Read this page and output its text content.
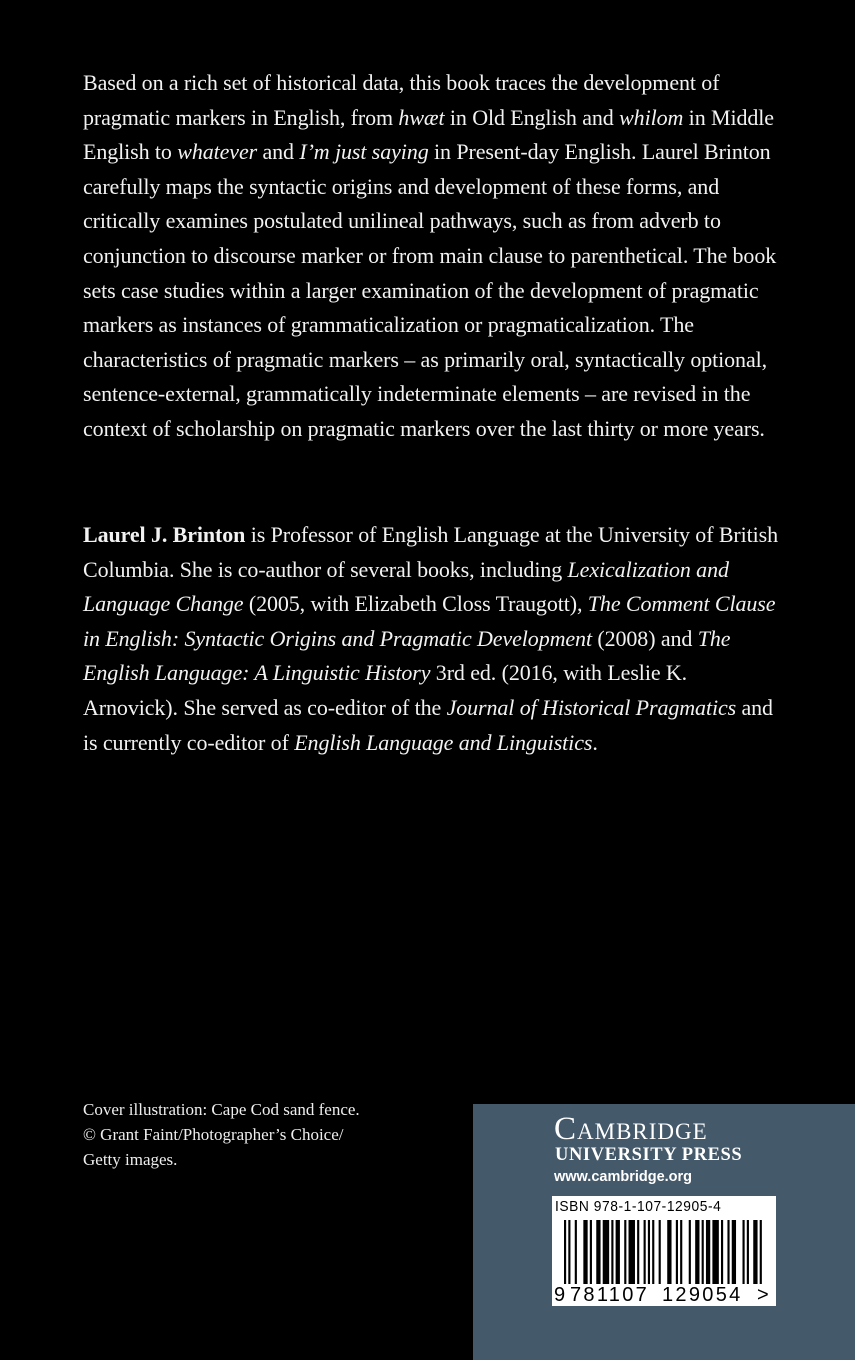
Based on a rich set of historical data, this book traces the development of pragmatic markers in English, from hwæt in Old English and whilom in Middle English to whatever and I’m just saying in Present-day English. Laurel Brinton carefully maps the syntactic origins and development of these forms, and critically examines postulated unilineal pathways, such as from adverb to conjunction to discourse marker or from main clause to parenthetical. The book sets case studies within a larger examination of the development of pragmatic markers as instances of grammaticalization or pragmaticalization. The characteristics of pragmatic markers – as primarily oral, syntactically optional, sentence-external, grammatically indeterminate elements – are revised in the context of scholarship on pragmatic markers over the last thirty or more years.

Laurel J. Brinton is Professor of English Language at the University of British Columbia. She is co-author of several books, including Lexicalization and Language Change (2005, with Elizabeth Closs Traugott), The Comment Clause in English: Syntactic Origins and Pragmatic Development (2008) and The English Language: A Linguistic History 3rd ed. (2016, with Leslie K. Arnovick). She served as co-editor of the Journal of Historical Pragmatics and is currently co-editor of English Language and Linguistics.

Cover illustration: Cape Cod sand fence.
© Grant Faint/Photographer’s Choice/
Getty images.
Cambridge
UNIVERSITY PRESS
www.cambridge.org
ISBN 978-1-107-12905-4
9 781107 129054 >
